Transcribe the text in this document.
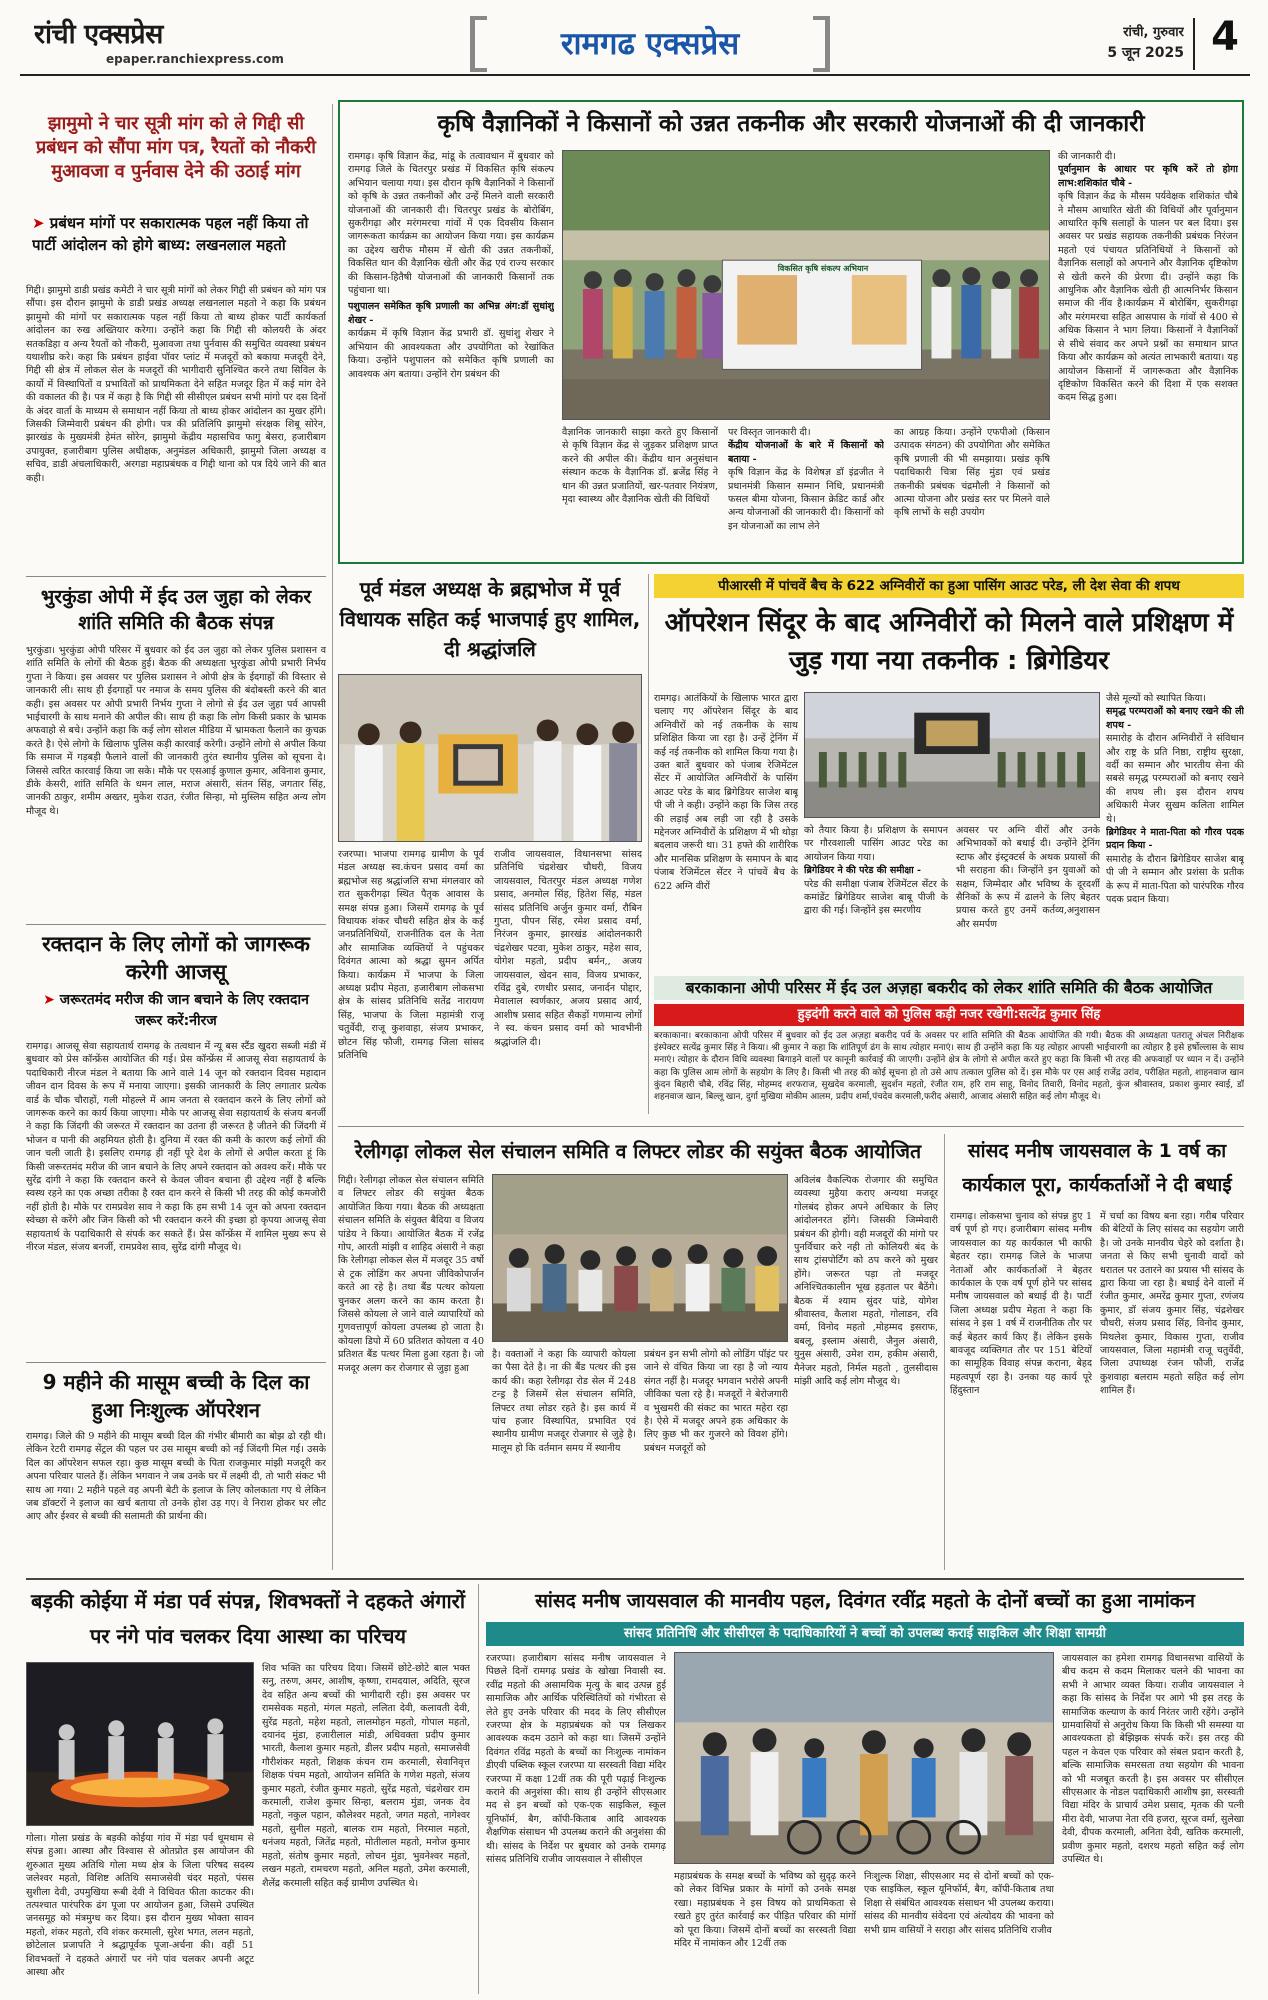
रांची एक्सप्रेस
epaper.ranchiexpress.com	रामगढ एक्सप्रेस	रांची, गुरुवार
5 जून 2025 4
झामुमो ने चार सूत्री मांग को ले गिद्दी सी प्रबंधन को सौंपा मांग पत्र, रैयतों को नौकरी मुआवजा व पुर्नवास देने की उठाई मांग
➤ प्रबंधन मांगों पर सकारात्मक पहल नहीं किया तो पार्टी आंदोलन को होगे बाध्य: लखनलाल महतो
गिद्दी। झामुमो डाडी प्रखंड कमेटी ने चार सूत्री मांगों को लेकर गिद्दी सी प्रबंधन को मांग पत्र सौंपा। इस दौरान झामुमो के डाडी प्रखंड अध्यक्ष लखनलाल महतो ने कहा कि प्रबंधन झामुमो की मांगों पर सकारात्मक पहल नहीं किया तो बाध्य होकर पार्टी कार्यकर्ता आंदोलन का रुख अख्तियार करेगा। उन्होंने कहा कि गिद्दी सी कोलयरी के अंदर सतकडिहा व अन्य रैयतों को नौकरी, मुआवजा तथा पुर्नवास की समुचित व्यवस्था प्रबंधन यथाशीघ्र करे। कहा कि प्रबंधन हाईवा पॉवर प्लांट में मजदूरों को बकाया मजदूरी देने, गिद्दी सी क्षेत्र में लोकल सेल के मजदूरों की भागीदारी सुनिश्चित करने तथा सिविल के कार्यो में विस्थापितों व प्रभावितों को प्राथमिकता देने सहित मजदूर हित में कई मांग देने की वकालत की है। पत्र में कहा है कि गिद्दी सी सीसीएल प्रबंधन सभी मांगो पर दस दिनों के अंदर वार्ता के माध्यम से समाधान नहीं किया तो बाध्य होकर आंदोलन का मुखर होंगे।जिसकी जिम्मेवारी प्रबंधन की होगी। पत्र की प्रतिलिपि झामुमो संरक्षक शिबू सोरेन, झारखंड के मुख्यमंत्री हेमंत सोरेन, झामुमो केंद्रीय महासचिव फागु बेसरा, हजारीबाग उपायुक्त, हजारीबाग पुलिस अधीक्षक, अनुमंडल अधिकारी, झामुमो जिला अध्यक्ष व सचिव, डाडी अंचलाधिकारी, अरगडा महाप्रबंधक व गिद्दी थाना को पत्र दिये जाने की बात कही।
भुरकुंडा ओपी में ईद उल जुहा को लेकर शांति समिति की बैठक संपन्न
भुरकुंडा। भुरकुंडा ओपी परिसर में बुधवार को ईद उल जुहा को लेकर पुलिस प्रशासन व शांति समिति के लोगों की बैठक हुई। बैठक की अध्यक्षता भुरकुंडा ओपी प्रभारी निर्भय गुप्ता ने किया। इस अवसर पर पुलिस प्रशासन ने ओपी क्षेत्र के ईदगाहों की विस्तार से जानकारी ली। साथ ही ईदगाहों पर नमाज के समय पुलिस की बंदोबस्ती करने की बात कही। इस अवसर पर ओपी प्रभारी निर्भय गुप्ता ने लोगो से ईद उल जुहा पर्व आपसी भाईचारगी के साथ मनाने की अपील की। साथ ही कहा कि लोग किसी प्रकार के भ्रामक अफवाहो से बचे। उन्होंने कहा कि कई लोग सोशल मीडिया में भ्रामकता फैलाने का कुचक्र करते है। ऐसे लोगो के खिलाफ पुलिस कड़ी कारवाई करेगी। उन्होंने लोगो से अपील किया कि समाज में गड़बड़ी फैलाने वालों की जानकारी तुरंत स्थानीय पुलिस को सूचना दे। जिससे त्वरित कारवाई किया जा सके। मौके पर एसआई कुणाल कुमार, अविनाश कुमार, डीके केसरी, शांति समिति के धमन लाल, मराज अंसारी, संतन सिंह, जगतार सिंह, जानकी ठाकुर, शमीम अख्तर, मुकेश राउत, रंजीत सिन्हा, मो मुस्लिम सहित अन्य लोग मौजूद थे।
रक्तदान के लिए लोगों को जागरूक करेगी आजसू
➤ जरूरतमंद मरीज की जान बचाने के लिए रक्तदान जरूर करें:नीरज
रामगढ़। आजसू सेवा सहायतार्थ रामगढ़ के तत्वधान में न्यू बस स्टैंड खुदरा सब्जी मंडी में बुधवार को प्रेस कॉन्फ्रेंस आयोजित की गई। प्रेस कॉन्फ्रेंस में आजसू सेवा सहायतार्थ के पदाधिकारी नीरज मंडल ने बताया कि आने वाले 14 जून को रक्तदान दिवस महादान जीवन दान दिवस के रूप में मनाया जाएगा। इसकी जानकारी के लिए लगातार प्रत्येक वार्ड के चौक चौराहों, गली मोहल्ले में आम जनता से रक्तदान करने के लिए लोगों को जागरूक करने का कार्य किया जाएगा। मौके पर आजसू सेवा सहायतार्थ के संजय बनर्जी ने कहा कि जिंदगी की जरूरत में रक्तदान का उतना ही जरूरत है जीतने की जिंदगी में भोजन व पानी की अहमियत होती है। दुनिया में रक्त की कमी के कारण कई लोगों की जान चली जाती है। इसलिए रामगढ़ ही नहीं पूरे देश के लोगों से अपील करता हूं कि किसी जरूरतमंद मरीज की जान बचाने के लिए अपने रक्तदान को अवश्य करें। मौके पर सुरेंद्र दांगी ने कहा कि रक्तदान करने से केवल जीवन बचाना ही उद्देश्य नहीं है बल्कि स्वस्थ रहने का एक अच्छा तरीका है रक्त दान करने से किसी भी तरह की कोई कमजोरी नहीं होती है। मौके पर रामप्रवेश साव ने कहा कि हम सभी 14 जून को अपना रक्तदान स्वेच्छा से करेंगे और जिन किसी को भी रक्तदान करने की इच्छा हो कृपया आजसू सेवा सहायतार्थ के पदाधिकारी से संपर्क कर सकते हैं। प्रेस कॉन्फ्रेंस में शामिल मुख्य रूप से नीरज मंडल, संजय बनर्जी, रामप्रवेश साव, सुरेंद्र दांगी मौजूद थे।
9 महीने की मासूम बच्ची के दिल का हुआ निःशुल्क ऑपरेशन
रामगढ़। जिले की 9 महीने की मासूम बच्ची दिल की गंभीर बीमारी का बोझ ढो रही थी। लेकिन रेटरी रामगढ़ सेंट्रल की पहल पर उस मासूम बच्ची को नई जिंदगी मिल गई। उसके दिल का ऑपरेशन सफल रहा। कुछ मासूम बच्ची के पिता राजकुमार मांझी मजदूरी कर अपना परिवार पालते हैं। लेकिन भगवान ने जब उनके घर में लक्ष्मी दी, तो भारी संकट भी साथ आ गया। 2 महीने पहले वह अपनी बेटी के इलाज के लिए कोलकाता गए थे लेकिन जब डॉक्टरों ने इलाज का खर्च बताया तो उनके होश उड़ गए। वे निराश होकर घर लौट आए और ईश्वर से बच्ची की सलामती की प्रार्थना की।
कृषि वैज्ञानिकों ने किसानों को उन्नत तकनीक और सरकारी योजनाओं की दी जानकारी
रामगढ़। कृषि विज्ञान केंद्र, मांडू के तत्वावधान में बुधवार को रामगढ़ जिले के चितरपुर प्रखंड में विकसित कृषि संकल्प अभियान चलाया गया। इस दौरान कृषि वैज्ञानिकों ने किसानों को कृषि के उन्नत तकनीकों और उन्हें मिलने वाली सरकारी योजनाओं की जानकारी दी। चितरपुर प्रखंड के बोरोबिंग, सुकरीगढ़ा और मरंगमरचा गांवों में एक दिवसीय किसान जागरूकता कार्यक्रम का आयोजन किया गया। इस कार्यक्रम का उद्देश्य खरीफ मौसम में खेती की उन्नत तकनीकों, विकसित धान की वैज्ञानिक खेती और केंद्र एवं राज्य सरकार की किसान-हितैषी योजनाओं की जानकारी किसानों तक पहुंचाना था।
पशुपालन समेकित कृषि प्रणाली का अभिन्न अंग:डॉ सुधांशु शेखर -
कार्यक्रम में कृषि विज्ञान केंद्र प्रभारी डॉ. सुधांशु शेखर ने अभियान की आवश्यकता और उपयोगिता को रेखांकित किया। उन्होंने पशुपालन को समेकित कृषि प्रणाली का आवश्यक अंग बताया। उन्होंने रोग प्रबंधन की
विकसित कृषि संकल्प अभियान
वैज्ञानिक जानकारी साझा करते हुए किसानों से कृषि विज्ञान केंद्र से जुड़कर प्रशिक्षण प्राप्त करने की अपील की। केंद्रीय धान अनुसंधान संस्थान कटक के वैज्ञानिक डॉ. ब्रजेंद्र सिंह ने धान की उन्नत प्रजातियों, खर-पतवार नियंत्रण, मृदा स्वास्थ्य और वैज्ञानिक खेती की विधियों
पर विस्तृत जानकारी दी।
केंद्रीय योजनाओं के बारे में किसानों को बताया -
कृषि विज्ञान केंद्र के विशेषज्ञ डॉ इंद्रजीत ने प्रधानमंत्री किसान सम्मान निधि, प्रधानमंत्री फसल बीमा योजना, किसान क्रेडिट कार्ड और अन्य योजनाओं की जानकारी दी। किसानों को इन योजनाओं का लाभ लेने
का आग्रह किया। उन्होंने एफपीओ (किसान उत्पादक संगठन) की उपयोगिता और समेकित कृषि प्रणाली की भी समझाया। प्रखंड कृषि पदाधिकारी चित्रा सिंह मुंडा एवं प्रखंड तकनीकी प्रबंधक चंद्रमौली ने किसानों को आत्मा योजना और प्रखंड स्तर पर मिलने वाले कृषि लाभों के सही उपयोग
की जानकारी दी।
पूर्वानुमान के आधार पर कृषि करें तो होगा लाभ:शशिकांत चौबे -
कृषि विज्ञान केंद्र के मौसम पर्यवेक्षक शशिकांत चौबे ने मौसम आधारित खेती की विधियों और पूर्वानुमान आधारित कृषि सलाहों के पालन पर बल दिया। इस अवसर पर प्रखंड सहायक तकनीकी प्रबंधक निरंजन महतो एवं पंचायत प्रतिनिधियों ने किसानों को वैज्ञानिक सलाहों को अपनाने और वैज्ञानिक दृष्टिकोण से खेती करने की प्रेरणा दी। उन्होंने कहा कि आधुनिक और वैज्ञानिक खेती ही आत्मनिर्भर किसान समाज की नींव है।कार्यक्रम में बोरोबिंग, सुकरीगढ़ा और मरंगमरचा सहित आसपास के गांवों से 400 से अधिक किसान ने भाग लिया। किसानों ने वैज्ञानिकों से सीधे संवाद कर अपने प्रश्नों का समाधान प्राप्त किया और कार्यक्रम को अत्यंत लाभकारी बताया। यह आयोजन किसानों में जागरूकता और वैज्ञानिक दृष्टिकोण विकसित करने की दिशा में एक सशक्त कदम सिद्ध हुआ।
पूर्व मंडल अध्यक्ष के ब्रह्मभोज में पूर्व विधायक सहित कई भाजपाई हुए शामिल, दी श्रद्धांजलि
रजरप्पा। भाजपा रामगढ़ ग्रामीण के पूर्व मंडल अध्यक्ष स्व.कंचन प्रसाद वर्मा का ब्रह्मभोज सह श्रद्धांजलि सभा मंगलवार को रात सुकरीगढ़ा स्थित पैतृक आवास के समक्ष संपन्न हुआ। जिसमें रामगढ़ के पूर्व विधायक शंकर चौधरी सहित क्षेत्र के कई जनप्रतिनिधियों, राजनीतिक दल के नेता और सामाजिक व्यक्तियों ने पहुंचकर दिवंगत आत्मा को श्रद्धा सुमन अर्पित किया। कार्यक्रम में भाजपा के जिला अध्यक्ष प्रदीप मेहता, हजारीबाग लोकसभा क्षेत्र के सांसद प्रतिनिधि सतेंद्र नारायण सिंह, भाजपा के जिला महामंत्री राजू चतुर्वेदी, राजू कुशवाहा, संजय प्रभाकर, छोटन सिंह फौजी, रामगढ़ जिला सांसद प्रतिनिधि
राजीव जायसवाल, विधानसभा सांसद प्रतिनिधि चंद्रशेखर चौधरी, विजय जायसवाल, चितरपुर मंडल अध्यक्ष गणेश प्रसाद, अनमोल सिंह, हितेश सिंह, मंडल सांसद प्रतिनिधि अर्जुन कुमार वर्मा, रौबिन गुप्ता, पीपन सिंह, रमेश प्रसाद वर्मा, निरंजन कुमार, झारखंड आंदोलनकारी चंद्रशेखर पटवा, मुकेश ठाकुर, महेश साव, योगेश महतो, प्रदीप बर्मन,, अजय जायसवाल, खेदन साव, विजय प्रभाकर, रविंद्र दुबे, रणधीर प्रसाद, जनार्दन पोद्दार, मेवालाल स्वर्णकार, अजय प्रसाद आर्य, आशीष प्रसाद सहित सैकड़ों गणमान्य लोगों ने स्व. कंचन प्रसाद वर्मा को भावभीनी श्रद्धांजलि दी।
पीआरसी में पांचवें बैच के 622 अग्निवीरों का हुआ पासिंग आउट परेड, ली देश सेवा की शपथ
ऑपरेशन सिंदूर के बाद अग्निवीरों को मिलने वाले प्रशिक्षण में जुड़ गया नया तकनीक : ब्रिगेडियर
रामगढ़। आतंकियों के खिलाफ भारत द्वारा चलाए गए ऑपरेशन सिंदूर के बाद अग्निवीरों को नई तकनीक के साथ प्रशिक्षित किया जा रहा है। उन्हें ट्रेनिंग में कई नई तकनीक को शामिल किया गया है। उक्त बातें बुधवार को पंजाब रेजिमेंटल सेंटर में आयोजित अग्निवीरों के पासिंग आउट परेड के बाद ब्रिगेडियर साजेश बाबू पी जी ने कही। उन्होंने कहा कि जिस तरह की लड़ाई अब लड़ी जा रही है उसके मद्देनजर अग्निवीरों के प्रशिक्षण में भी थोड़ा बदलाव जरूरी था। 31 हफ्ते की शारीरिक और मानसिक प्रशिक्षण के समापन के बाद पंजाब रेजिमेंटल सेंटर ने पांचवें बैच के 622 अग्नि वीरों
को तैयार किया है। प्रशिक्षण के समापन पर गौरवशाली पासिंग आउट परेड का आयोजन किया गया।
ब्रिगेडियर ने की परेड की समीक्षा -
परेड की समीक्षा पंजाब रेजिमेंटल सेंटर के कमांडेंट ब्रिगेडियर साजेश बाबू पीजी के द्वारा की गई। जिन्होंने इस स्मरणीय
अवसर पर अग्नि वीरों और उनके अभिभावकों को बधाई दी। उन्होंने ट्रेनिंग स्टाफ और इंस्ट्रक्टर्स के अथक प्रयासों की भी सराहना की। जिन्होंने इन युवाओं को सक्षम, जिम्मेदार और भविष्य के दूरदर्शी सैनिकों के रूप में ढालने के लिए बेहतर प्रयास करते हुए उनमें कर्तव्य,अनुशासन और समर्पण
जैसे मूल्यों को स्थापित किया।
समृद्ध परम्पराओं को बनाए रखने की ली शपथ -
समारोह के दौरान अग्निवीरों ने संविधान और राष्ट्र के प्रति निष्ठा, राष्ट्रीय सुरक्षा, वर्दी का सम्मान और भारतीय सेना की सबसे समृद्ध परम्पराओं को बनाए रखने की शपथ ली। इस दौरान शपथ अधिकारी मेजर सुखम कलिता शामिल थे।
ब्रिगेडियर ने माता-पिता को गौरव पदक प्रदान किया -
समारोह के दौरान ब्रिगेडियर साजेश बाबू पी जी ने सम्मान और प्रशंसा के प्रतीक के रूप में माता-पिता को पारंपरिक गौरव पदक प्रदान किया।
बरकाकाना ओपी परिसर में ईद उल अज़हा बकरीद को लेकर शांति समिति की बैठक आयोजित
हुड़दंगी करने वाले को पुलिस कड़ी नजर रखेगी:सत्येंद्र कुमार सिंह
बरकाकाना। बरकाकाना ओपी परिसर में बुधवार को ईद उल अज़हा बकरीद पर्व के अवसर पर शांति समिति की बैठक आयोजित की गयी। बैठक की अध्यक्षता पतरातू अंचल निरीक्षक इंस्पेक्टर सत्येंद्र कुमार सिंह ने किया। श्री कुमार ने कहा कि शांतिपूर्ण ढंग के साथ त्योहार मनाएं। साथ ही उन्होंने कहा कि यह त्योहार आपसी भाईचारगी का त्योहार है इसे हर्षोल्लास के साथ मनाएं। त्योहार के दौरान विधि व्यवस्था बिगाड़ने वालों पर कानूनी कार्रवाई की जाएगी। उन्होंने क्षेत्र के लोगो से अपील करते हुए कहा कि किसी भी तरह की अफवाहों पर ध्यान न दें। उन्होंने कहा कि पुलिस आम लोगों के सहयोग के लिए है। किसी भी तरह की कोई सूचना हो तो उसे आप तत्काल पुलिस को दें। इस मौके पर एस आई राजेंद्र उरांव, परीक्षित महतो, शाहनवाज खान कुंदन बिहारी चौबे, रविंद्र सिंह, मोहम्मद शरफराज, सुखदेव करमाली, सुदर्शन महतो, रंजीत राम, हरि राम साहू, विनोद तिवारी, विनोद महतो, कुंज श्रीवास्तव, प्रकाश कुमार स्वाई, डॉ शहनवाज खान, बिल्लू खान, दुर्गा मुखिया मोकीम आलम, प्रदीप शर्मा,पंचदेव करमाली,फरीद अंसारी, आजाद अंसारी सहित कई लोग मौजूद थे।
रेलीगढ़ा लोकल सेल संचालन समिति व लिफ्टर लोडर की सयुंक्त बैठक आयोजित
गिद्दी। रेलीगढ़ा लोकल सेल संचालन समिति व लिफ्टर लोडर की सयुंक्त बैठक आयोजित किया गया। बैठक की अध्यक्षता संचालन समिति के संयुक्त बैदिया व विजय पांडेय ने किया। आयोजित बैठक में रजेंद्र गोप, आरती मांझी व शाहिद अंसारी ने कहा कि रेलीगढ़ा लोकल सेल में मजदूर 35 वर्षो से ट्रक लोडिंग कर अपना जीविकोपार्जन करते आ रहे है। तथा बैंड पत्थर कोयला चुनकर अलग करने का काम करता है। जिससे कोयला ले जाने वाले व्यापारियों को गुणवत्तापूर्ण कोयला उपलब्ध हो जाता है। कोयला डिपो में 60 प्रतिशत कोयला व 40 प्रतिशत बैंड पत्थर मिला हुआ रहता है। जो मजदूर अलग कर रोजगार से जुड़ा हुआ
है। वक्ताओं ने कहा कि व्यापारी कोयला का पैसा देते है। ना की बैंड पत्थर की इस कार्य की। कहा रेलीगढ़ा रोड सेल में 248 टन्ड्र है जिसमें सेल संचालन समिति, लिफ्टर तथा लोडर रहते है। इस कार्य में पांच हजार विस्थापित, प्रभावित एवं स्थानीय ग्रामीण मजदूर रोजगार से जुड़े है। मालूम हो कि वर्तमान समय में स्थानीय
प्रबंधन इन सभी लोगो को लोडिंग पॉइंट पर जाने से वंचित किया जा रहा है जो न्याय संगत नहीं है। मजदूर भगवान भरोसे अपनी जीविका चला रहे है। मजदूरों ने बेरोजगारी व भुखमरी की संकट का भारत महेरा रहा है। ऐसे में मजदूर अपने हक अधिकार के लिए कुछ भी कर गुजरने को विवश होंगे। प्रबंधन मजदूरों को
अविलंब वैकल्पिक रोजगार की समुचित व्यवस्था मुहैया कराए अन्यथा मजदूर गोलबंद होकर अपने अधिकार के लिए आंदोलनरत होंगे। जिसकी जिम्मेवारी प्रबंधन की होगी। वही मजदूरों की मांगो पर पुनर्विचार करे नही तो कोलियरी बंद के साथ ट्रांसपोर्टिंग को ठप करने को मुखर होंगे। जरूरत पड़ा तो मजदूर अनिश्चितकालीन भूख हड़ताल पर बैठेंगे। बैठक में श्याम सुंदर पांडे, योगेश श्रीवास्तव, कैलाश महतो, गोलाडन, रवि वर्मा, विनोद महतो ,मोहम्मद इसराफ, बबलू, इस्लाम अंसारी, जैनुल अंसारी, युनुस अंसारी, उमेश राम, हकीम अंसारी, मैनेजर महतो, निर्मल महतो , तुलसीदास मांझी आदि कई लोग मौजूद थे।
सांसद मनीष जायसवाल के 1 वर्ष का कार्यकाल पूरा, कार्यकर्ताओं ने दी बधाई
रामगढ़। लोकसभा चुनाव को संपन्न हुए 1 वर्ष पूर्ण हो गए। हजारीबाग सांसद मनीष जायसवाल का यह कार्यकाल भी काफी बेहतर रहा। रामगढ़ जिले के भाजपा नेताओं और कार्यकर्ताओं ने बेहतर कार्यकाल के एक वर्ष पूर्ण होने पर सांसद मनीष जायसवाल को बधाई दी है। पार्टी जिला अध्यक्ष प्रदीप मेहता ने कहा कि सांसद ने इस 1 वर्ष में राजनीतिक तौर पर कई बेहतर कार्य किए हैं। लेकिन इसके बावजूद व्यक्तिगत तौर पर 151 बेटियों का सामूहिक विवाह संपन्न कराना, बेहद महत्वपूर्ण रहा है। उनका यह कार्य पूरे हिंदुस्तान
में चर्चा का विषय बना रहा। गरीब परिवार की बेटियों के लिए सांसद का सहयोग जारी है। जो उनके मानवीय चेहरे को दर्शाता है। जनता से किए सभी चुनावी वादों को धरातल पर उतारने का प्रयास भी सांसद के द्वारा किया जा रहा है। बधाई देने वालों में रंजीत कुमार, अमरेंद्र कुमार गुप्ता, रणंजय कुमार, डॉ संजय कुमार सिंह, चंद्रशेखर चौधरी, संजय प्रसाद सिंह, विनोद कुमार, मिथलेश कुमार, विकास गुप्ता, राजीव जायसवाल, जिला महामंत्री राजू चतुर्वेदी, जिला उपाध्यक्ष रंजन फौजी, राजेंद्र कुशवाहा बलराम महतो सहित कई लोग शामिल हैं।
बड़की कोईया में मंडा पर्व संपन्न, शिवभक्तों ने दहकते अंगारों पर नंगे पांव चलकर दिया आस्था का परिचय
गोला। गोला प्रखंड के बड़की कोईया गांव में मंडा पर्व धूमधाम से संपन्न हुआ। आस्था और विश्वास से ओतप्रोत इस आयोजन की शुरुआत मुख्य अतिथि गोला मध्य क्षेत्र के जिला परिषद सदस्य जलेश्वर महतो, विशिष्ट अतिथि समाजसेवी चंदर महतो, पंसस सुशीला देवी, उपमुखिया रूबी देवी ने विधिवत फीता काटकर की। तत्पश्चात पारंपरिक ढंग पूजा पर आयोजन हुआ, जिसमे उपस्थित जनसमूह को मंत्रमुग्ध कर दिया। इस दौरान मुख्य भोक्ता सावन महतो, शंकर महतो, रवि शंकर करमाली, सुरेश भगत, ललन महतो, छोटेलाल प्रजापति ने श्रद्धापूर्वक पूजा-अर्चना की। वहीं 51 शिवभक्तों ने दहकते अंगारों पर नंगे पांव चलकर अपनी अटूट आस्था और
शिव भक्ति का परिचय दिया। जिसमें छोटे-छोटे बाल भक्त सनु, तरुण, अमर, आशीष, कृष्णा, रामदयाल, अदिति, सूरज देव सहित अन्य बच्चों की भागीदारी रही। इस अवसर पर रामसेवक महतो, मंगल महतो, ललिता देवी, कलावती देवी, सुरेंद्र महतो, महेश महतो, लालमोहन महतो, गोपाल महतो, दयानंद मुंडा, हजारीलाल मांडी, अधिवक्ता प्रदीप कुमार भारती, कैलाश कुमार महतो, डीलर प्रदीप महतो, समाजसेवी गौरीशंकर महतो, शिक्षक कंचन राम करमाली, सेवानिवृत्त शिक्षक पंचम महतो, आयोजन समिति के गणेश महतो, संजय कुमार महतो, रंजीत कुमार महतो, सुरेंद्र महतो, चंद्रशेखर राम करमाली, राजेश कुमार सिन्हा, बलराम मुंडा, जनक देव महतो, नकुल पहान, कौलेश्वर महतो, जगत महतो, नागेश्वर महतो, सुनील महतो, बालक राम महतो, निरमाल महतो, धनंजय महतो, जितेंद्र महतो, मोतीलाल महतो, मनोज कुमार महतो, संतोष कुमार महतो, लोचन मुंडा, भुवनेश्वर महतो, लखन महतो, रामचरण महतो, अनिल महतो, उमेश करमाली, शैलेंद्र करमाली सहित कई ग्रामीण उपस्थित थे।
सांसद मनीष जायसवाल की मानवीय पहल, दिवंगत रवींद्र महतो के दोनों बच्चों का हुआ नामांकन
सांसद प्रतिनिधि और सीसीएल के पदाधिकारियों ने बच्चों को उपलब्ध कराई साइकिल और शिक्षा सामग्री
रजरप्पा। हजारीबाग सांसद मनीष जायसवाल ने पिछले दिनों रामगढ़ प्रखंड के खोखा निवासी स्व. रवींद्र महतो की असामयिक मृत्यु के बाद उत्पन्न हुई सामाजिक और आर्थिक परिस्थितियों को गंभीरता से लेते हुए उनके परिवार की मदद के लिए सीसीएल रजरप्पा क्षेत्र के महाप्रबंधक को पत्र लिखकर आवश्यक कदम उठाने को कहा था। जिसमें उन्होंने दिवंगत रविंद्र महतो के बच्चों का निःशुल्क नामांकन डीएवी पब्लिक स्कूल रजरप्पा या सरस्वती विद्या मंदिर रजरप्पा में कक्षा 12वीं तक की पूरी पढ़ाई निःशुल्क कराने की अनुशंसा की। साथ ही उन्होंने सीएसआर मद से इन बच्चों को एक-एक साइकिल, स्कूल यूनिफॉर्म, बैग, कॉपी-किताब आदि आवश्यक शैक्षणिक संसाधन भी उपलब्ध कराने की अनुशंसा की थी। सांसद के निर्देश पर बुधवार को उनके रामगढ़ सांसद प्रतिनिधि राजीव जायसवाल ने सीसीएल
महाप्रबंधक के समक्ष बच्चों के भविष्य को सुदृढ़ करने को लेकर विभिन्न प्रकार के मांगों को उनके समक्ष रखा। महाप्रबंधक ने इस विषय को प्राथमिकता से रखते हुए तुरंत कार्रवाई कर पीड़ित परिवार की मांगों को पूरा किया। जिसमें दोनों बच्चों का सरस्वती विद्या मंदिर में नामांकन और 12वीं तक
निःशुल्क शिक्षा, सीएसआर मद से दोनों बच्चों को एक-एक साइकिल, स्कूल यूनिफॉर्म, बैग, कॉपी-किताब तथा शिक्षा से संबंधित आवश्यक संसाधन भी उपलब्ध कराया। सांसद की मानवीय संवेदना एवं अंत्योदय की भावना को सभी ग्राम वासियों ने सराहा और सांसद प्रतिनिधि राजीव
जायसवाल का हमेशा रामगढ़ विधानसभा वासियों के बीच कदम से कदम मिलाकर चलने की भावना का सभी ने आभार व्यक्त किया। राजीव जायसवाल ने कहा कि सांसद के निर्देश पर आगे भी इस तरह के सामाजिक कल्याण के कार्य निरंतर जारी रहेंगे। उन्होंने ग्रामवासियों से अनुरोध किया कि किसी भी समस्या या आवश्यकता हो बेझिझक संपर्क करें। इस तरह की पहल न केवल एक परिवार को संबल प्रदान करती है, बल्कि सामाजिक समरसता तथा सहयोग की भावना को भी मजबूत करती है। इस अवसर पर सीसीएल सीएसआर के नोडल पदाधिकारी आशीष झा, सरस्वती विद्या मंदिर के प्राचार्य उमेश प्रसाद, मृतक की पत्नी मीरा देवी, भाजपा नेता रवि हजरा, सूरज वर्मा, सुलेखा देवी, दीपक करमाली, अनिता देवी, खतिक करमाली, प्रवीण कुमार महतो, दशरथ महतो सहित कई लोग उपस्थित थे।
